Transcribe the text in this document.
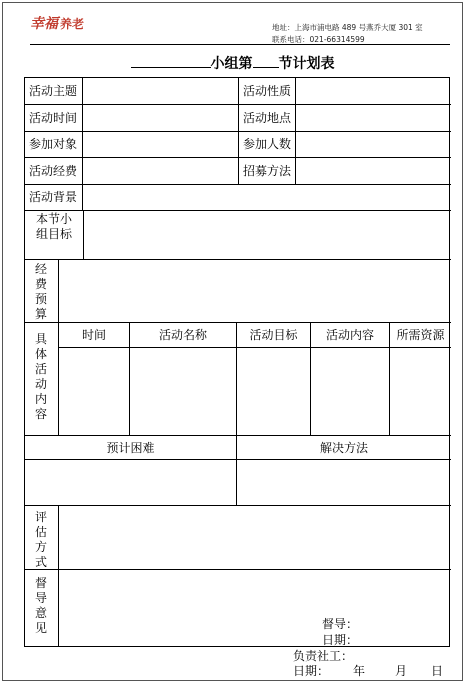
幸福 养老	地址：上海市浦电路 489 号燕乔大厦 301 室
联系电话：021-66314599
小组第 节计划表
活动主题	活动性质
活动时间	活动地点
参加对象	参加人数
活动经费	招募方法
活动背景
本节小组目标
经费预算
具体活动内容
时间	活动名称	活动目标	活动内容	所需资源
预计困难	解决方法
评估方式
督导意见	督导：
日期：
负责社工：
日期： 年 月 日
